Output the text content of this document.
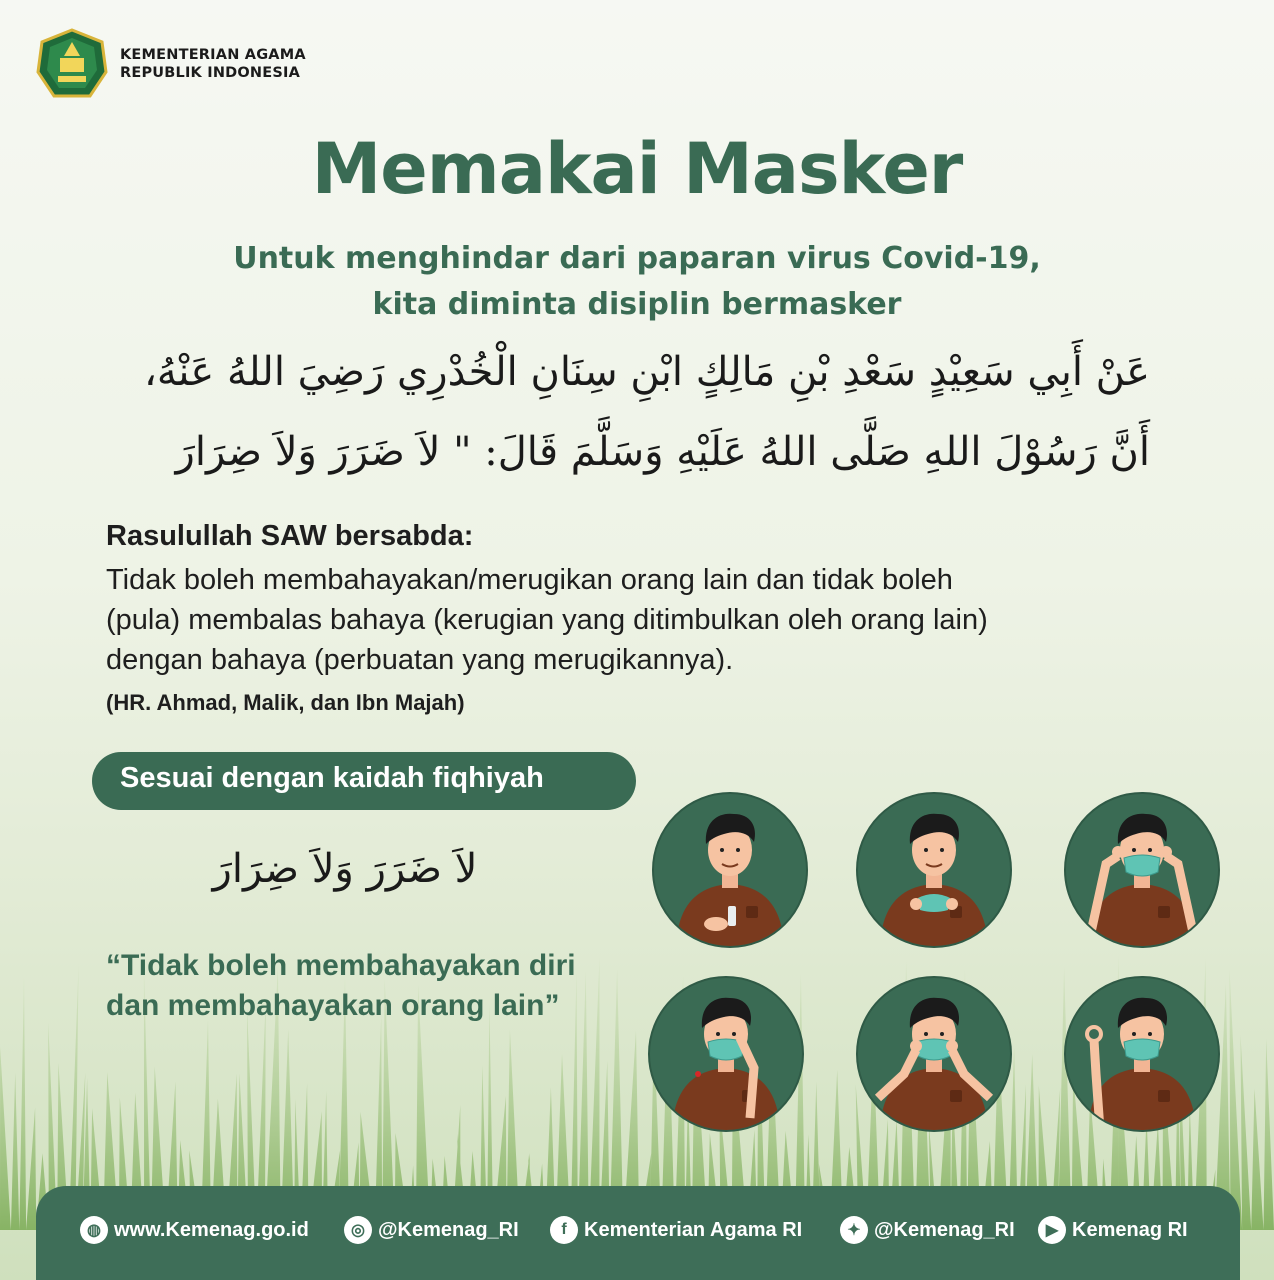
KEMENTERIAN AGAMA
REPUBLIK INDONESIA
Memakai Masker
Untuk menghindar dari paparan virus Covid-19,
kita diminta disiplin bermasker
عَنْ أَبِي سَعِيْدٍ سَعْدِ بْنِ مَالِكٍ ابْنِ سِنَانِ الْخُدْرِي رَضِيَ اللهُ عَنْهُ،
أَنَّ رَسُوْلَ اللهِ صَلَّى اللهُ عَلَيْهِ وَسَلَّمَ قَالَ: " لاَ ضَرَرَ وَلاَ ضِرَارَ
Rasulullah SAW bersabda:
Tidak boleh membahayakan/merugikan orang lain dan tidak boleh
(pula) membalas bahaya (kerugian yang ditimbulkan oleh orang lain)
dengan bahaya (perbuatan yang merugikannya).
(HR. Ahmad, Malik, dan Ibn Majah)
Sesuai dengan kaidah fiqhiyah
لاَ ضَرَرَ وَلاَ ضِرَارَ
“Tidak boleh membahayakan diri
dan membahayakan orang lain”
◍ www.Kemenag.go.id	◎ @Kemenag_RI	f Kementerian Agama RI	✦ @Kemenag_RI	▶ Kemenag RI
